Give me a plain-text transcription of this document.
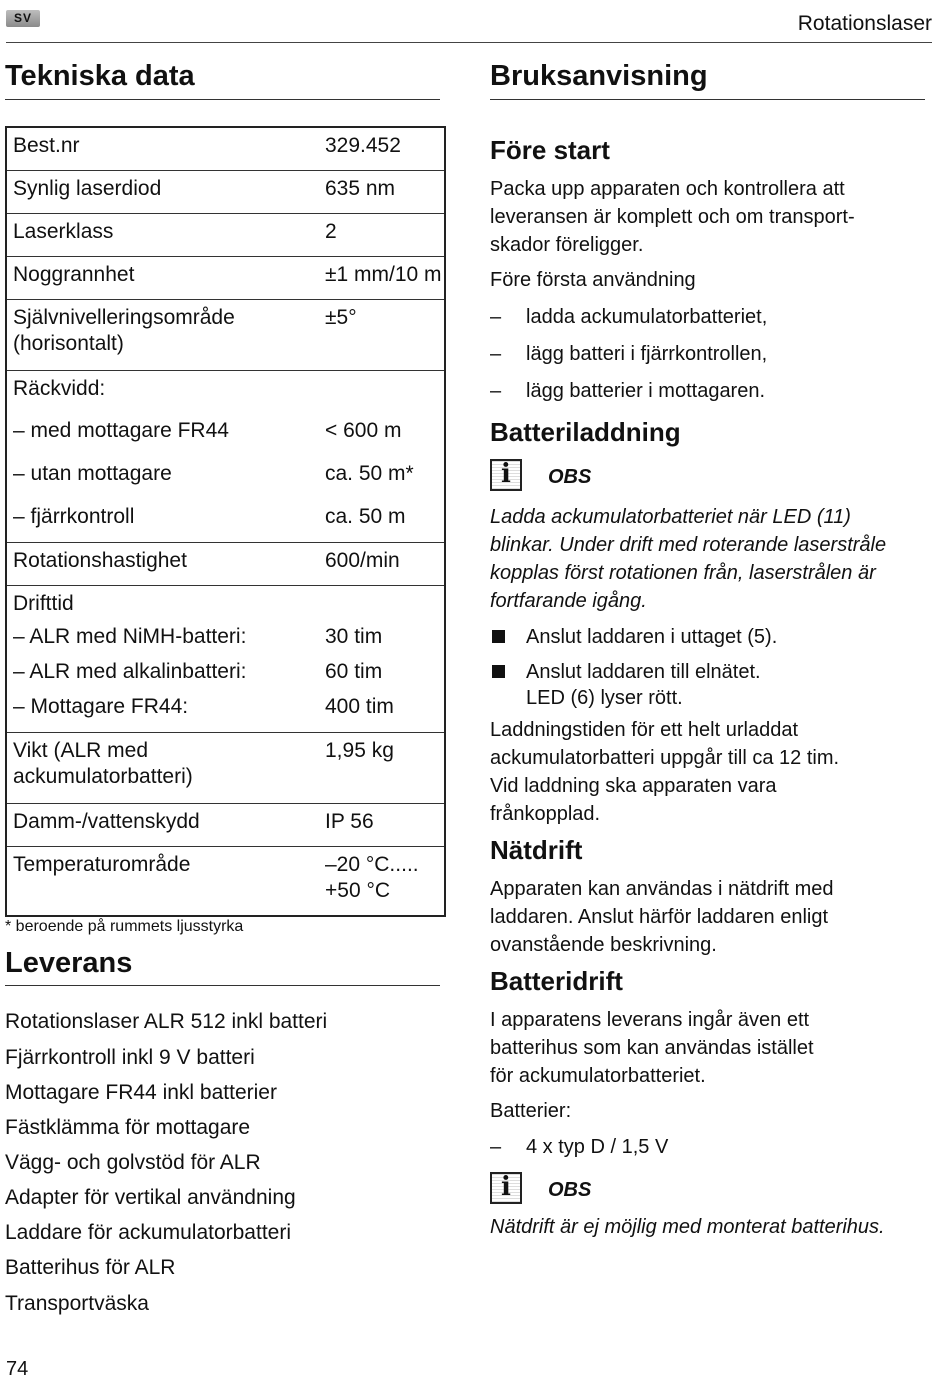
SV	Rotationslaser
Tekniska data
Best.nr	329.452
Synlig laserdiod	635 nm
Laserklass	2
Noggrannhet	±1 mm/10 m

Självnivelleringsområde
(horisontalt)	±5°
Räckvidd:	
– med mottagare FR44	< 600 m
– utan mottagare	ca. 50 m*
– fjärrkontroll	ca. 50 m
Rotationshastighet	600/min
Drifttid	
– ALR med NiMH-batteri:	30 tim
– ALR med alkalinbatteri:	60 tim
– Mottagare FR44:	400 tim

Vikt (ALR med
ackumulatorbatteri)	1,95 kg
Damm-/vattenskydd	IP 56
Temperaturområde	–20 °C.....
+50 °C
* beroende på rummets ljusstyrka
Leverans
Rotationslaser ALR 512 inkl batteri
Fjärrkontroll inkl 9 V batteri
Mottagare FR44 inkl batterier
Fästklämma för mottagare
Vägg- och golvstöd för ALR
Adapter för vertikal användning
Laddare för ackumulatorbatteri
Batterihus för ALR
Transportväska
Bruksanvisning
Före start
Packa upp apparaten och kontrollera att
leveransen är komplett och om transport-
skador föreligger.
Före första användning
– ladda ackumulatorbatteriet,
– lägg batteri i fjärrkontrollen,
– lägg batterier i mottagaren.
Batteriladdning
i	OBS
Ladda ackumulatorbatteriet när LED (11)
blinkar. Under drift med roterande laserstråle
kopplas först rotationen från, laserstrålen är
fortfarande igång.
Anslut laddaren i uttaget (5).
Anslut laddaren till elnätet.
LED (6) lyser rött.
Laddningstiden för ett helt urladdat
ackumulatorbatteri uppgår till ca 12 tim.
Vid laddning ska apparaten vara
frånkopplad.
Nätdrift
Apparaten kan användas i nätdrift med
laddaren. Anslut härför laddaren enligt
ovanstående beskrivning.
Batteridrift
I apparatens leverans ingår även ett
batterihus som kan användas istället
för ackumulatorbatteriet.
Batterier:
– 4 x typ D / 1,5 V
i	OBS
Nätdrift är ej möjlig med monterat batterihus.
74
